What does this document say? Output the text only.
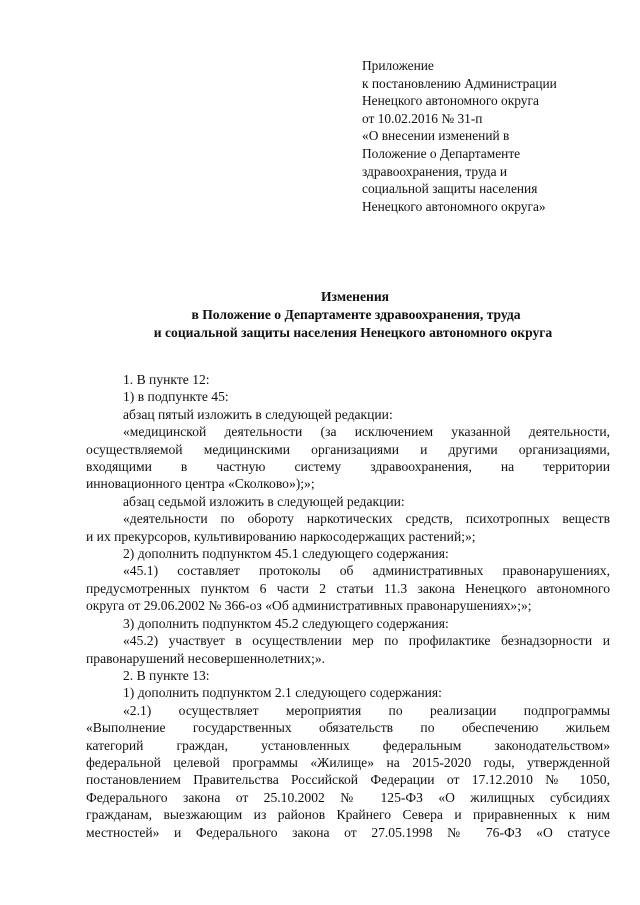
Приложение
к постановлению Администрации
Ненецкого автономного округа
от 10.02.2016 № 31-п
«О внесении изменений в
Положение о Департаменте
здравоохранения, труда и
социальной защиты населения
Ненецкого автономного округа»
Изменения
в Положение о Департаменте здравоохранения, труда
и социальной защиты населения Ненецкого автономного округа
1. В пункте 12:
1) в подпункте 45:
абзац пятый изложить в следующей редакции:
«медицинской деятельности (за исключением указанной деятельности,
осуществляемой медицинскими организациями и другими организациями,
входящими в частную систему здравоохранения, на территории
инновационного центра «Сколково»);»;
абзац седьмой изложить в следующей редакции:
«деятельности по обороту наркотических средств, психотропных веществ
и их прекурсоров, культивированию наркосодержащих растений;»;
2) дополнить подпунктом 45.1 следующего содержания:
«45.1) составляет протоколы об административных правонарушениях,
предусмотренных пунктом 6 части 2 статьи 11.3 закона Ненецкого автономного
округа от 29.06.2002 № 366-оз «Об административных правонарушениях»;»;
3) дополнить подпунктом 45.2 следующего содержания:
«45.2) участвует в осуществлении мер по профилактике безнадзорности и
правонарушений несовершеннолетних;».
2. В пункте 13:
1) дополнить подпунктом 2.1 следующего содержания:
«2.1) осуществляет мероприятия по реализации подпрограммы
«Выполнение государственных обязательств по обеспечению жильем
категорий граждан, установленных федеральным законодательством»
федеральной целевой программы «Жилище» на 2015-2020 годы, утвержденной
постановлением Правительства Российской Федерации от 17.12.2010 № 1050,
Федерального закона от 25.10.2002 № 125-ФЗ «О жилищных субсидиях
гражданам, выезжающим из районов Крайнего Севера и приравненных к ним
местностей» и Федерального закона от 27.05.1998 № 76-ФЗ «О статусе
